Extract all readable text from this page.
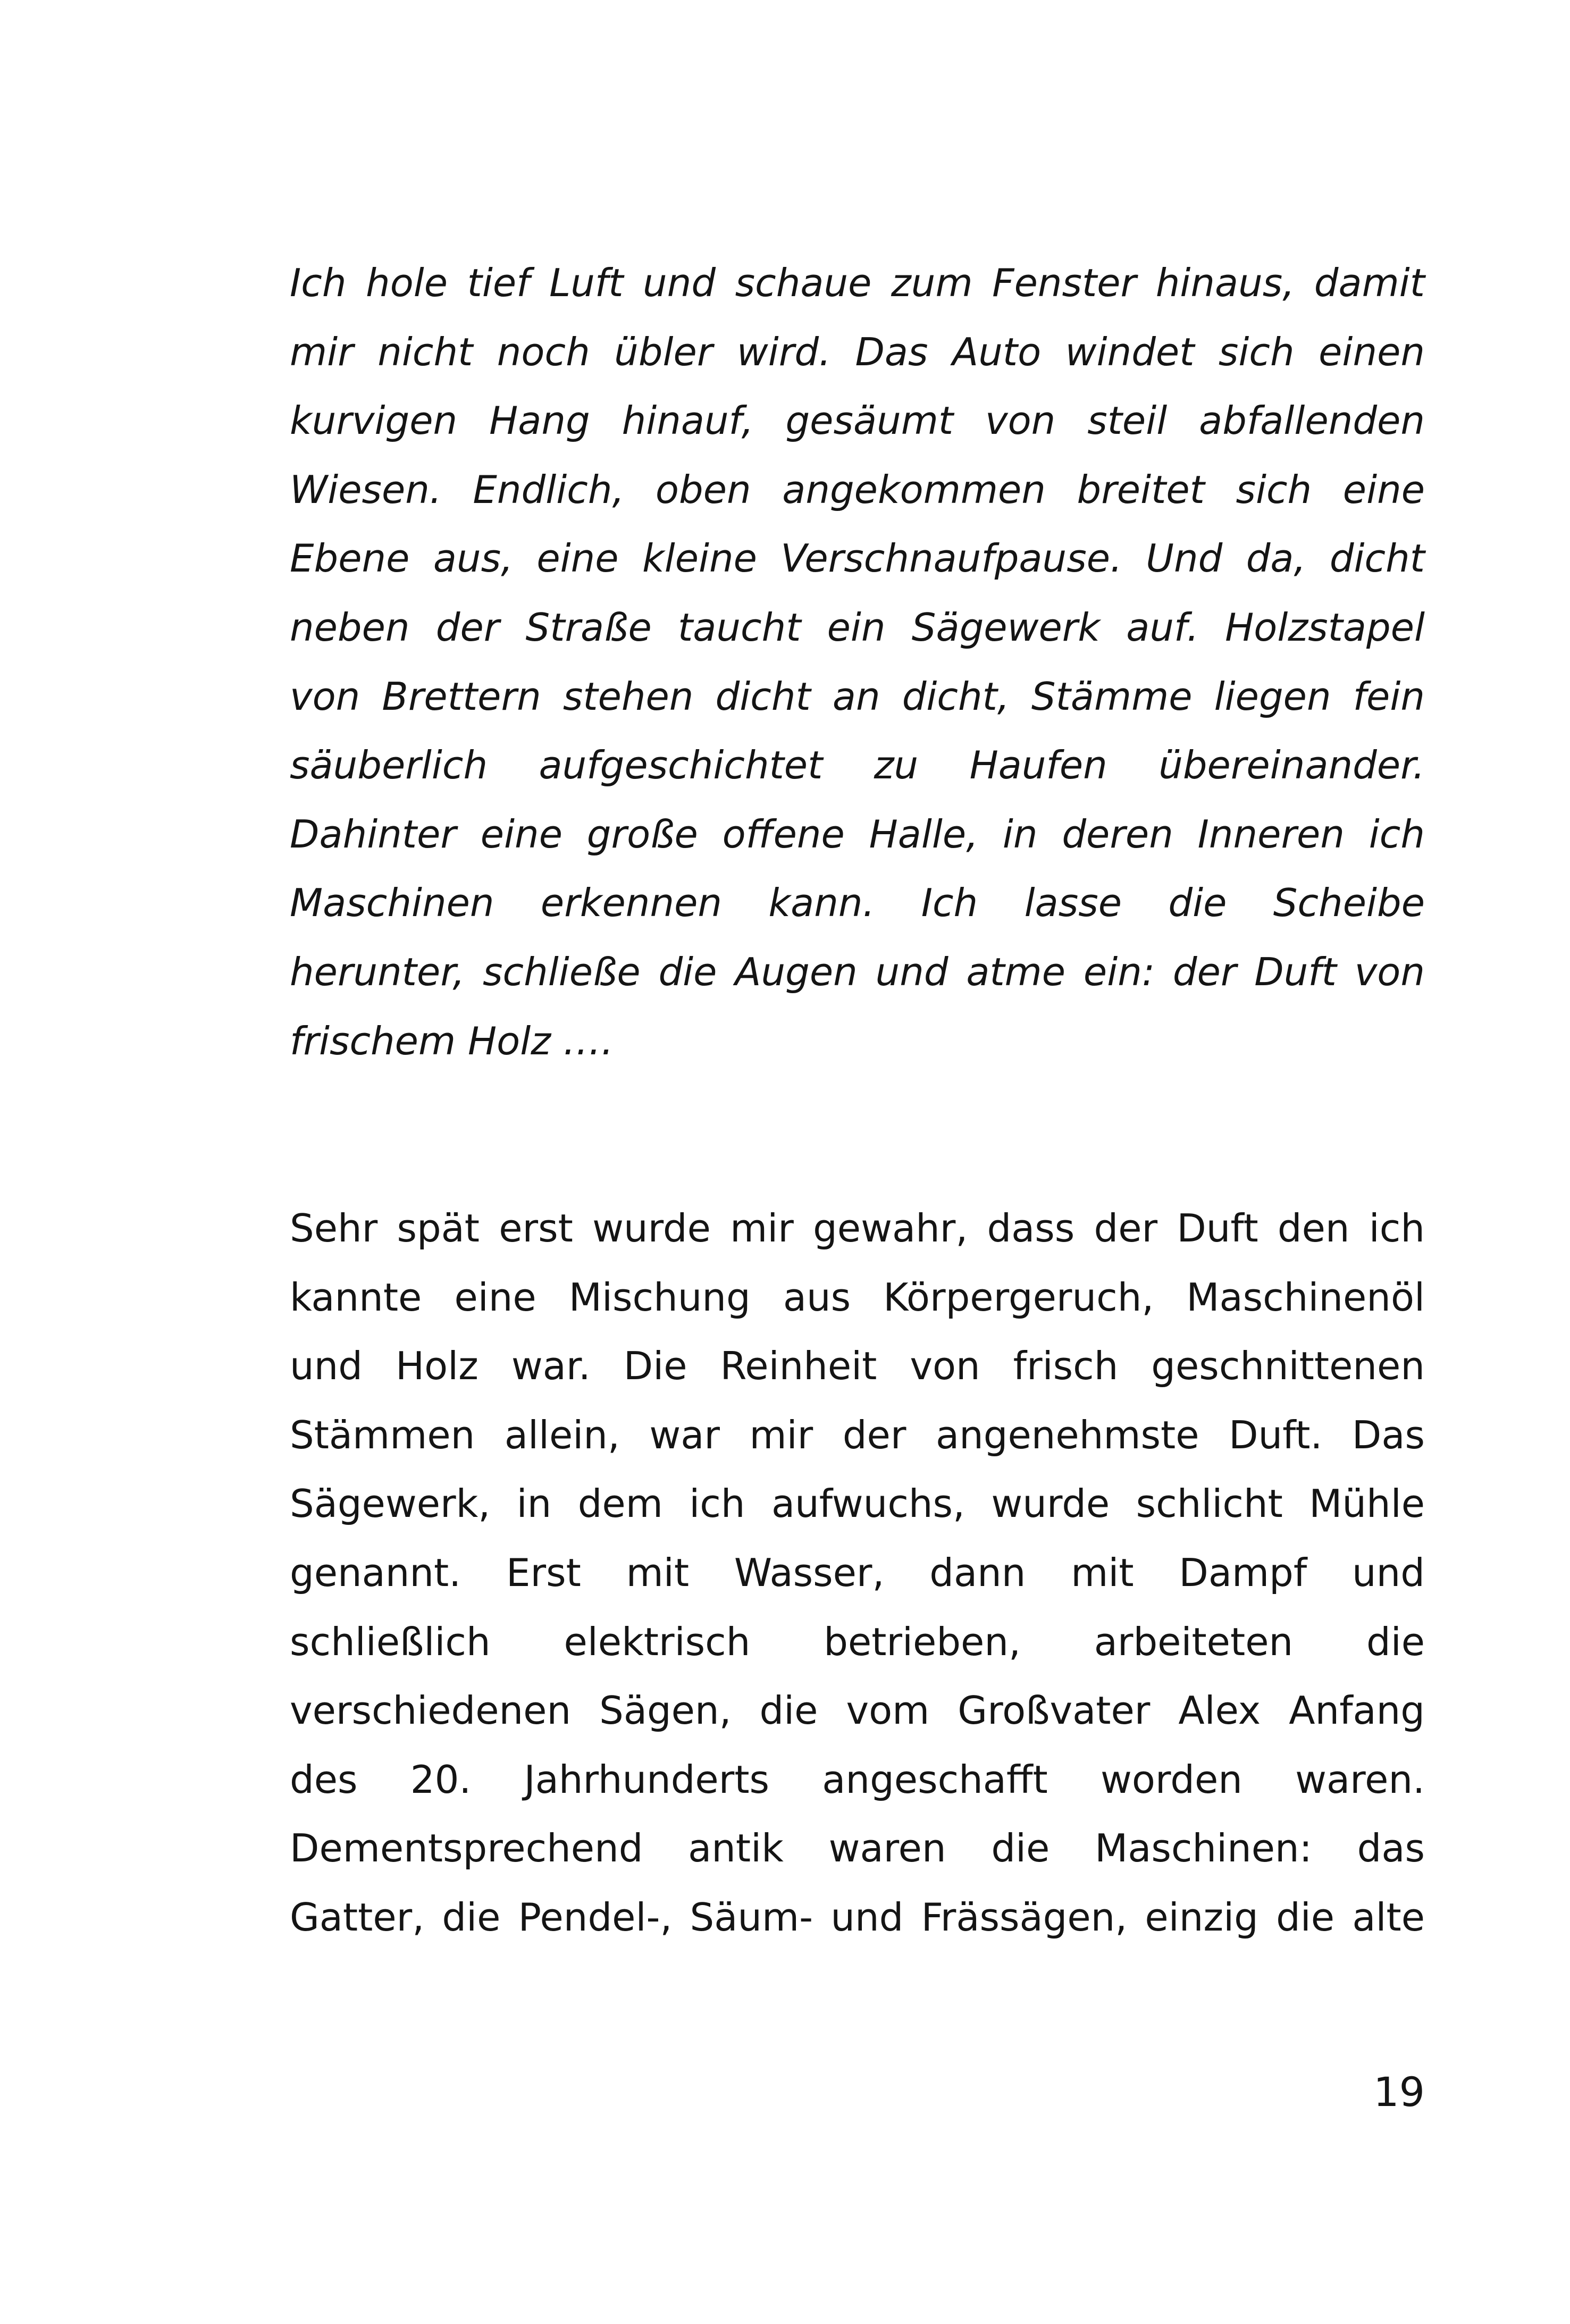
Ich hole tief Luft und schaue zum Fenster hinaus, damit
mir nicht noch übler wird. Das Auto windet sich einen
kurvigen Hang hinauf, gesäumt von steil abfallenden
Wiesen. Endlich, oben angekommen breitet sich eine
Ebene aus, eine kleine Verschnaufpause. Und da, dicht
neben der Straße taucht ein Sägewerk auf. Holzstapel
von Brettern stehen dicht an dicht, Stämme liegen fein
säuberlich aufgeschichtet zu Haufen übereinander.
Dahinter eine große offene Halle, in deren Inneren ich
Maschinen erkennen kann. Ich lasse die Scheibe
herunter, schließe die Augen und atme ein: der Duft von
frischem Holz ….
Sehr spät erst wurde mir gewahr, dass der Duft den ich
kannte eine Mischung aus Körpergeruch, Maschinenöl
und Holz war. Die Reinheit von frisch geschnittenen
Stämmen allein, war mir der angenehmste Duft. Das
Sägewerk, in dem ich aufwuchs, wurde schlicht Mühle
genannt. Erst mit Wasser, dann mit Dampf und
schließlich elektrisch betrieben, arbeiteten die
verschiedenen Sägen, die vom Großvater Alex Anfang
des 20. Jahrhunderts angeschafft worden waren.
Dementsprechend antik waren die Maschinen: das
Gatter, die Pendel-, Säum- und Frässägen, einzig die alte
19
